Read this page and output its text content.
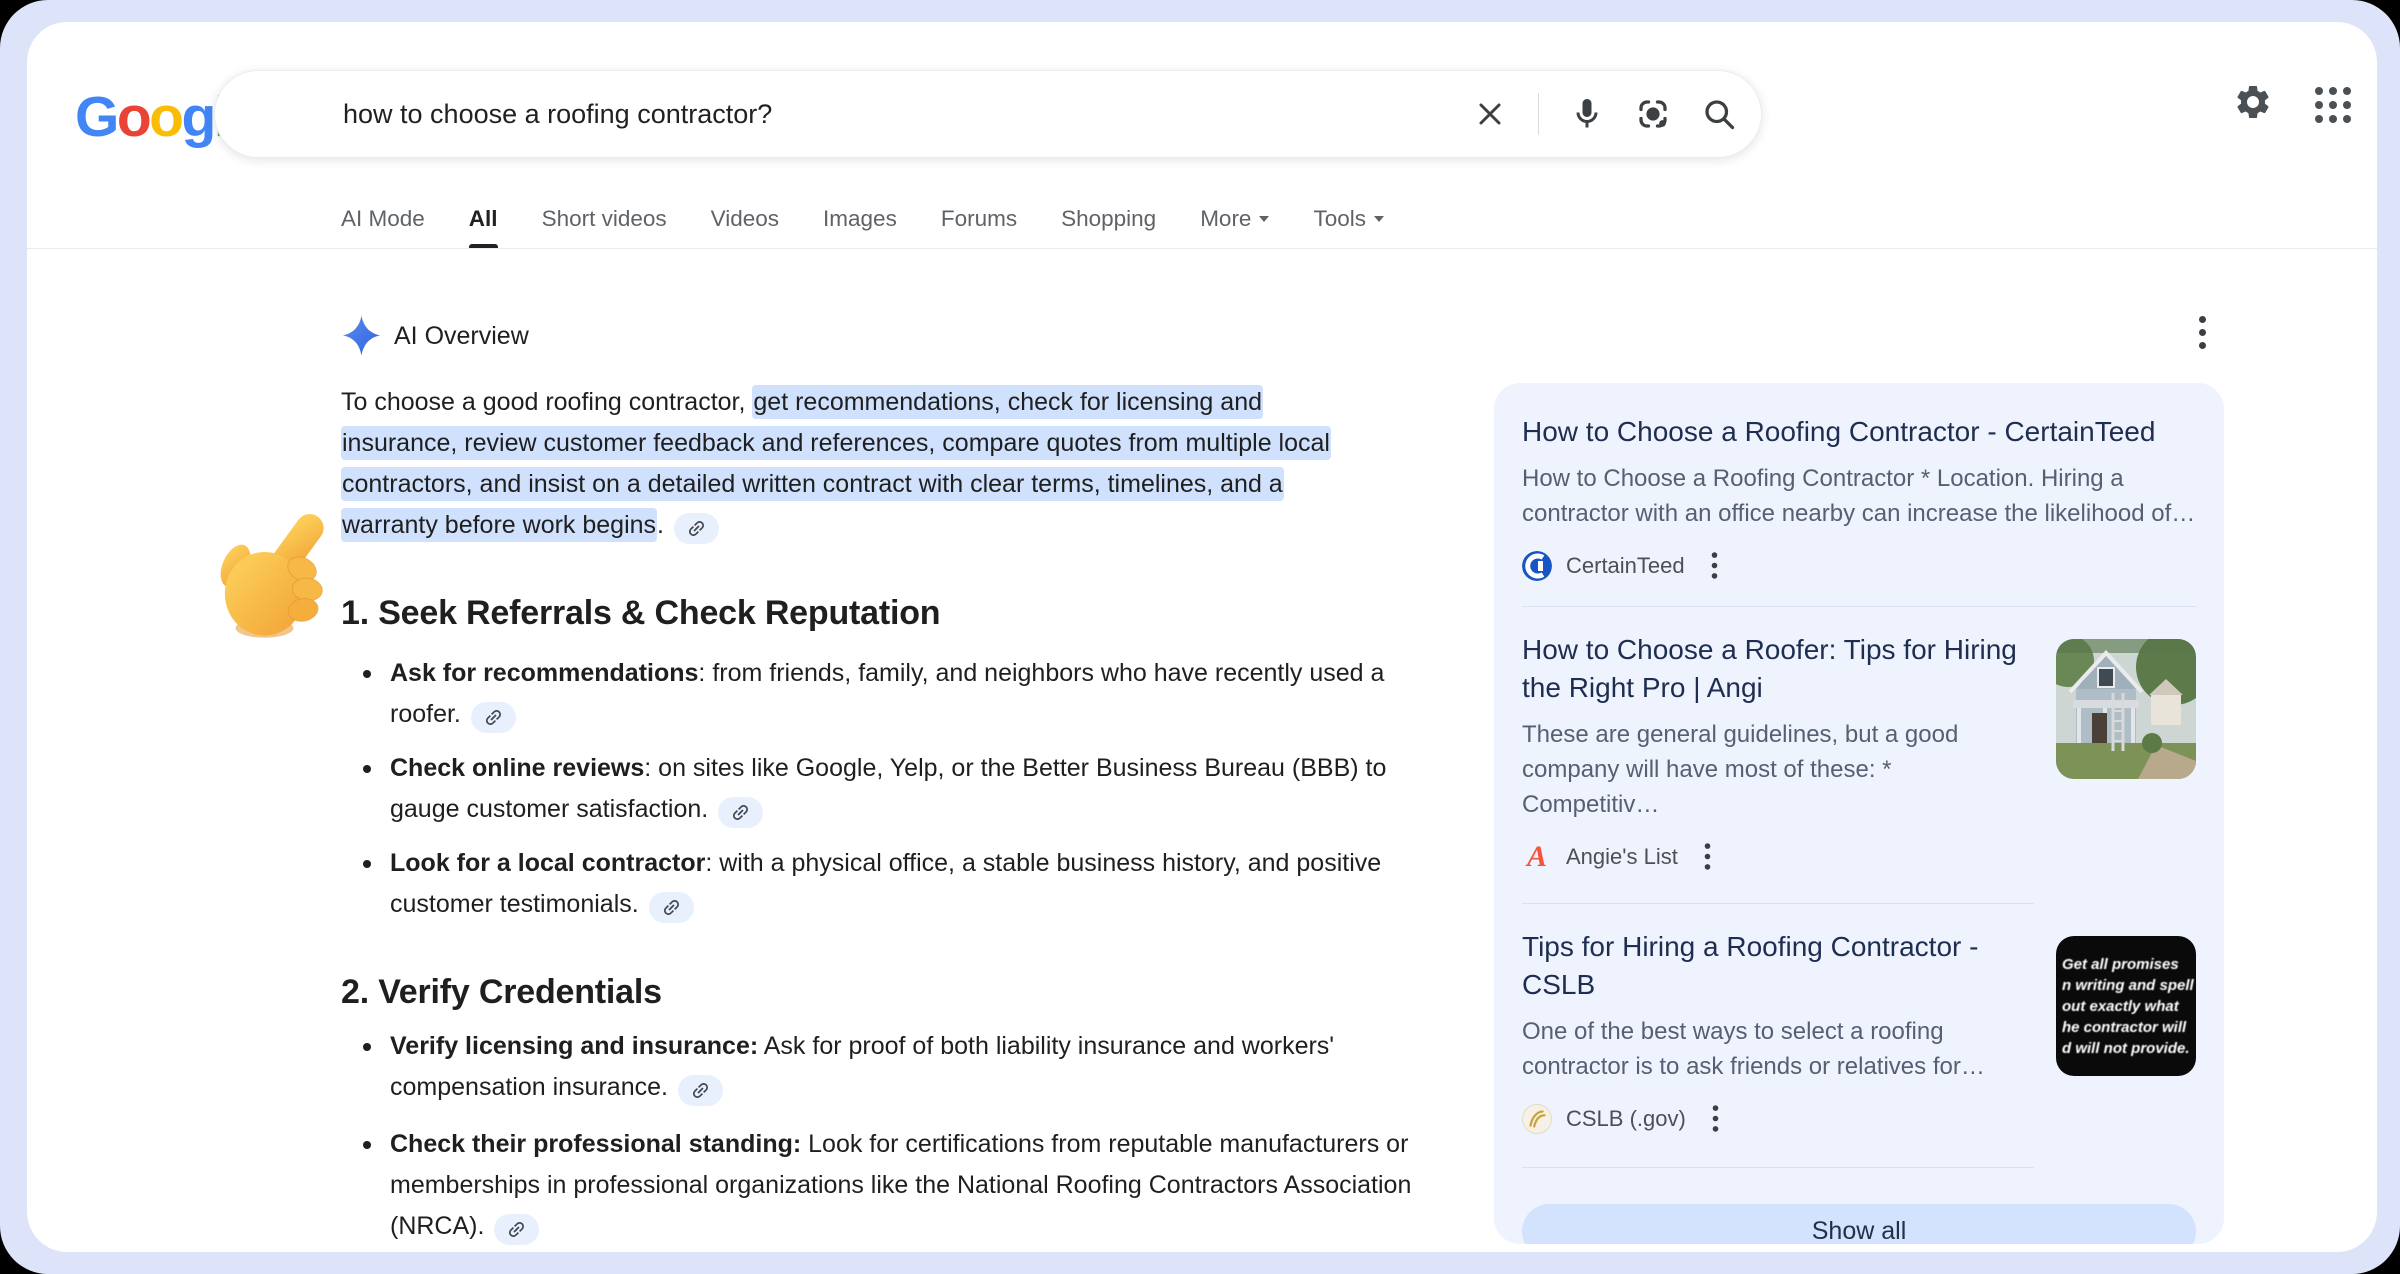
Goog	how to choose a roofing contractor?
AI Mode All Short videos Videos Images Forums Shopping More	Tools
AI Overview

To choose a good roofing contractor, get recommendations, check for licensing and insurance, review customer feedback and references, compare quotes from multiple local contractors, and insist on a detailed written contract with clear terms, timelines, and a warranty before work begins.

1. Seek Referrals & Check Reputation
Ask for recommendations: from friends, family, and neighbors who have recently used a roofer.
Check online reviews: on sites like Google, Yelp, or the Better Business Bureau (BBB) to gauge customer satisfaction.
Look for a local contractor: with a physical office, a stable business history, and positive customer testimonials.
2. Verify Credentials
Verify licensing and insurance: Ask for proof of both liability insurance and workers' compensation insurance.
Check their professional standing: Look for certifications from reputable manufacturers or memberships in professional organizations like the National Roofing Contractors Association (NRCA).
How to Choose a Roofing Contractor - CertainTeed
How to Choose a Roofing Contractor * Location. Hiring a contractor with an office nearby can increase the likelihood of…
CertainTeed
How to Choose a Roofer: Tips for Hiring the Right Pro | Angi
These are general guidelines, but a good company will have most of these: * Competitiv…
A Angie's List
Tips for Hiring a Roofing Contractor - CSLB
One of the best ways to select a roofing contractor is to ask friends or relatives for…
CSLB (.gov)
Get all promises
n writing and spell
out exactly what
he contractor will
d will not provide.
Show all
